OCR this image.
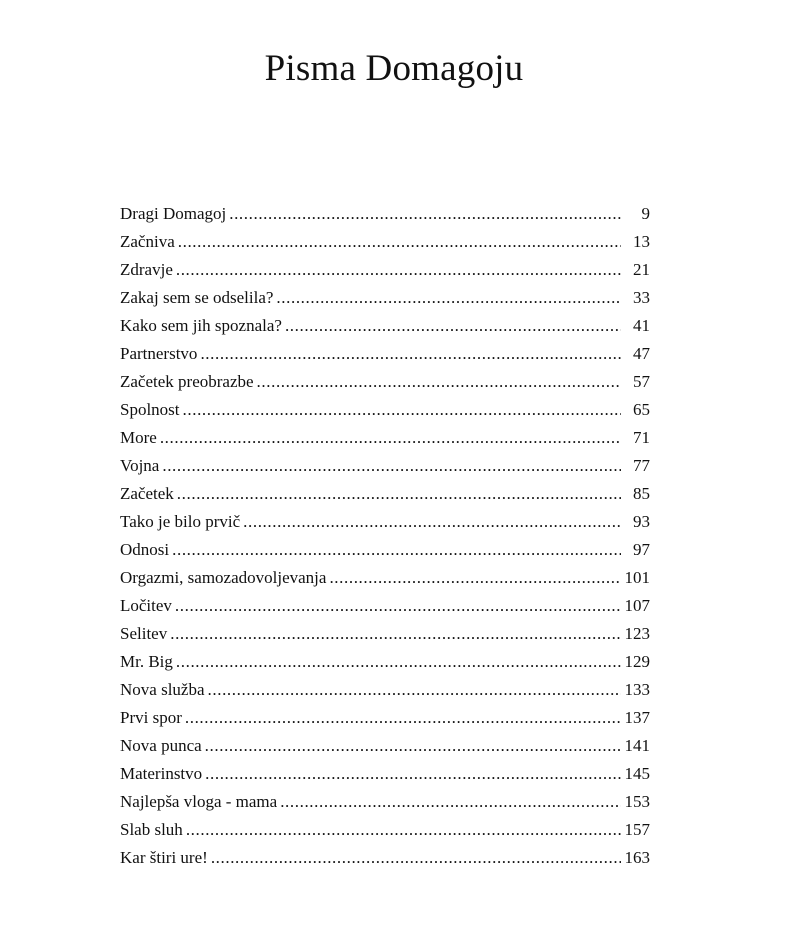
Pisma Domagoju
Dragi Domagoj .....	9
Začniva .....	13
Zdravje .....	21
Zakaj sem se odselila? .....	33
Kako sem jih spoznala? .....	41
Partnerstvo .....	47
Začetek preobrazbe .....	57
Spolnost .....	65
More .....	71
Vojna .....	77
Začetek .....	85
Tako je bilo prvič .....	93
Odnosi .....	97
Orgazmi, samozadovoljevanja .....	101
Ločitev .....	107
Selitev .....	123
Mr. Big .....	129
Nova služba .....	133
Prvi spor .....	137
Nova punca .....	141
Materinstvo .....	145
Najlepša vloga - mama .....	153
Slab sluh .....	157
Kar štiri ure! .....	163
